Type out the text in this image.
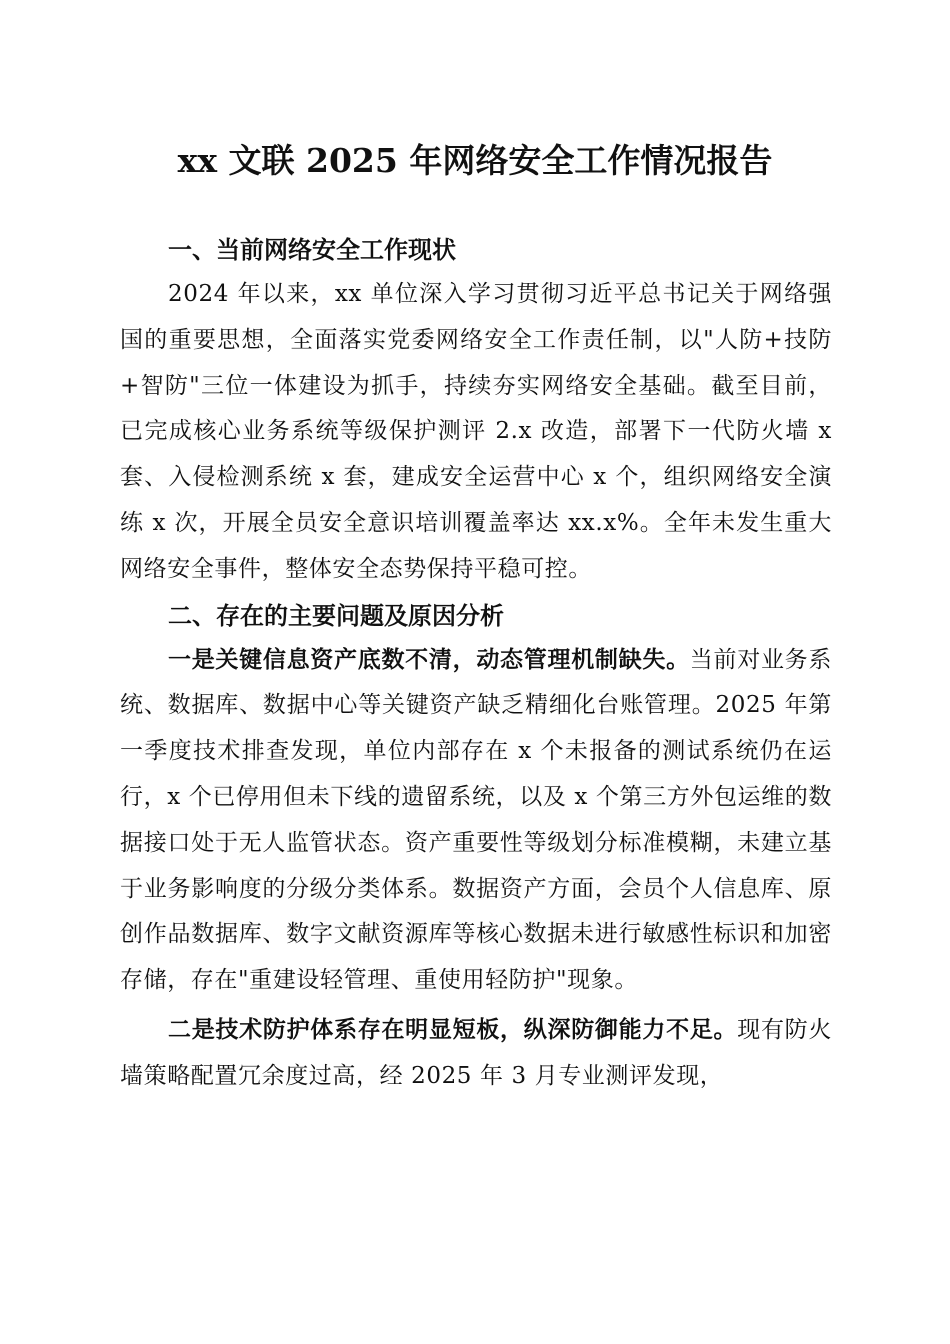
xx 文联 2025 年网络安全工作情况报告
一、当前网络安全工作现状

2024 年以来，xx 单位深入学习贯彻习近平总书记关于网络强国的重要思想，全面落实党委网络安全工作责任制，以"人防+技防+智防"三位一体建设为抓手，持续夯实网络安全基础。截至目前，已完成核心业务系统等级保护测评 2.x 改造，部署下一代防火墙 x 套、入侵检测系统 x 套，建成安全运营中心 x 个，组织网络安全演练 x 次，开展全员安全意识培训覆盖率达 xx.x%。全年未发生重大网络安全事件，整体安全态势保持平稳可控。

二、存在的主要问题及原因分析

一是关键信息资产底数不清，动态管理机制缺失。当前对业务系统、数据库、数据中心等关键资产缺乏精细化台账管理。2025 年第一季度技术排查发现，单位内部存在 x 个未报备的测试系统仍在运行，x 个已停用但未下线的遗留系统，以及 x 个第三方外包运维的数据接口处于无人监管状态。资产重要性等级划分标准模糊，未建立基于业务影响度的分级分类体系。数据资产方面，会员个人信息库、原创作品数据库、数字文献资源库等核心数据未进行敏感性标识和加密存储，存在"重建设轻管理、重使用轻防护"现象。

二是技术防护体系存在明显短板，纵深防御能力不足。现有防火墙策略配置冗余度过高，经 2025 年 3 月专业测评发现，
